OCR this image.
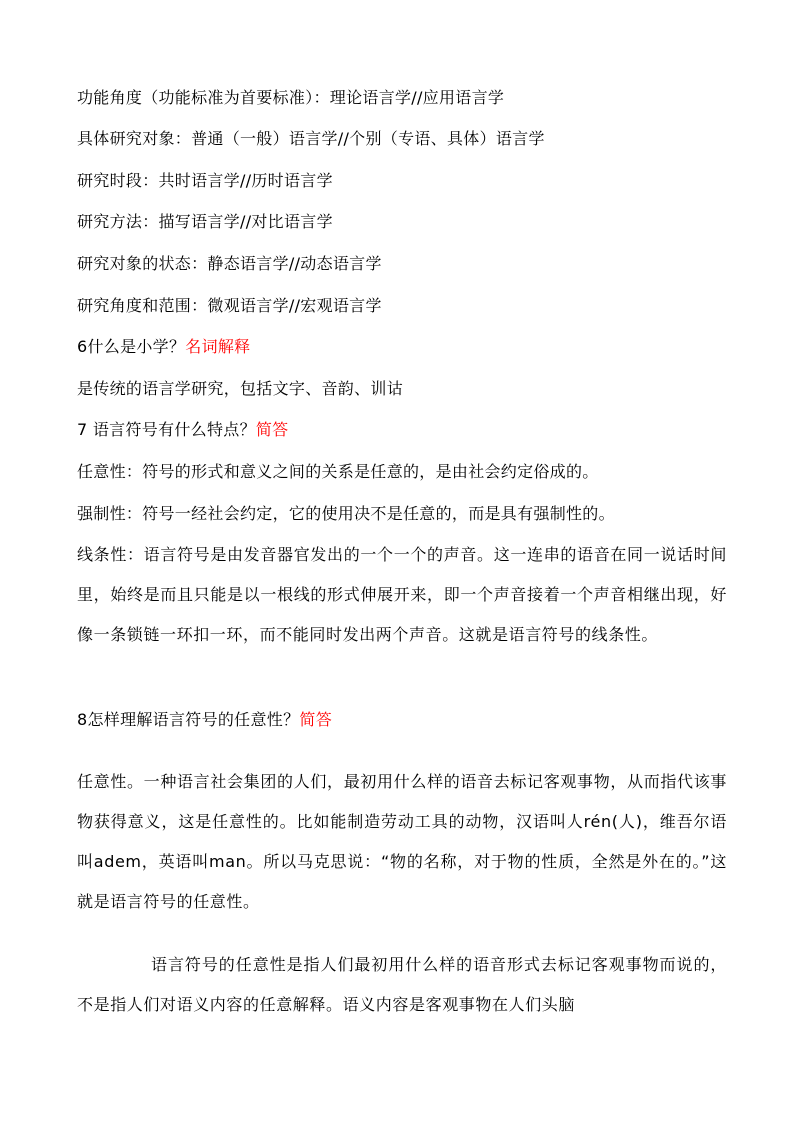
功能角度（功能标准为首要标准）：理论语言学//应用语言学
具体研究对象：普通（一般）语言学//个别（专语、具体）语言学
研究时段：共时语言学//历时语言学
研究方法：描写语言学//对比语言学
研究对象的状态：静态语言学//动态语言学
研究角度和范围：微观语言学//宏观语言学
6什么是小学？名词解释
是传统的语言学研究，包括文字、音韵、训诂
7 语言符号有什么特点？简答
任意性：符号的形式和意义之间的关系是任意的，是由社会约定俗成的。
强制性：符号一经社会约定，它的使用决不是任意的，而是具有强制性的。
线条性：语言符号是由发音器官发出的一个一个的声音。这一连串的语音在同一说话时间里，始终是而且只能是以一根线的形式伸展开来，即一个声音接着一个声音相继出现，好像一条锁链一环扣一环，而不能同时发出两个声音。这就是语言符号的线条性。
8怎样理解语言符号的任意性？简答
任意性。一种语言社会集团的人们，最初用什么样的语音去标记客观事物，从而指代该事物获得意义，这是任意性的。比如能制造劳动工具的动物，汉语叫人rén(人)，维吾尔语叫adem，英语叫man。所以马克思说：“物的名称，对于物的性质，全然是外在的。”这就是语言符号的任意性。
语言符号的任意性是指人们最初用什么样的语音形式去标记客观事物而说的，不是指人们对语义内容的任意解释。语义内容是客观事物在人们头脑
